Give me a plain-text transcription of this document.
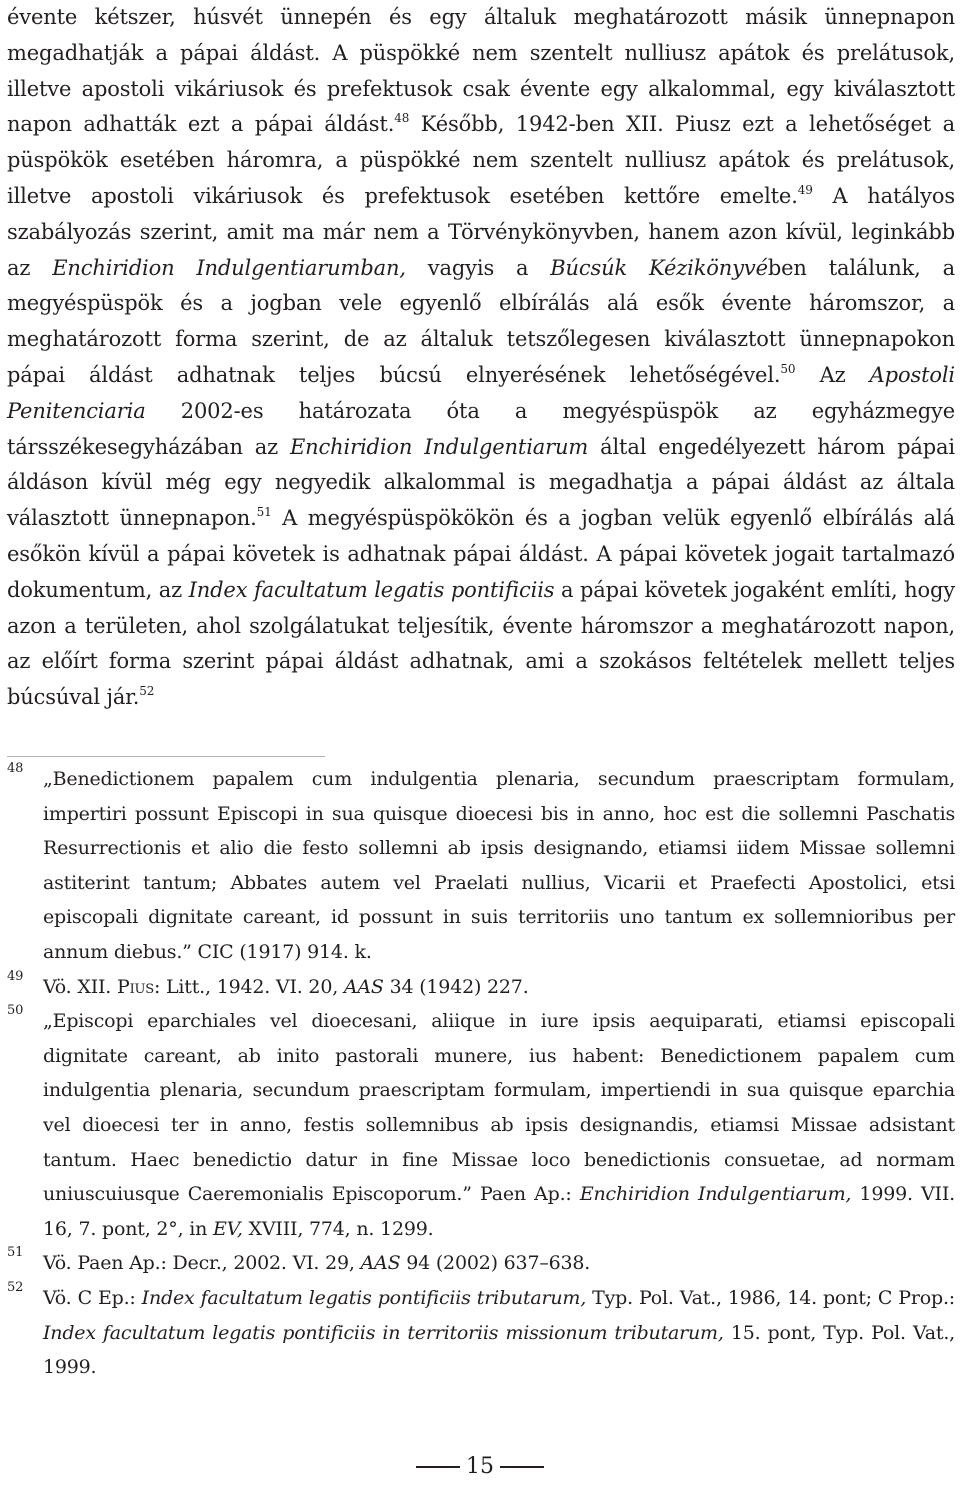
évente kétszer, húsvét ünnepén és egy általuk meghatározott másik ünnepnapon megadhatják a pápai áldást. A püspökké nem szentelt nulliusz apátok és prelátusok, illetve apostoli vikáriusok és prefektusok csak évente egy alkalommal, egy kiválasztott napon adhatták ezt a pápai áldást.$^{48}$ Később, 1942-ben XII. Piusz ezt a lehetőséget a püspökök esetében háromra, a püspökké nem szentelt nulliusz apátok és prelátusok, illetve apostoli vikáriusok és prefektusok esetében kettőre emelte.$^{49}$ A hatályos szabályozás szerint, amit ma már nem a Törvénykönyvben, hanem azon kívül, leginkább az Enchiridion Indulgentiarumban, vagyis a Búcsúk Kézikönyvében találunk, a megyéspüspök és a jogban vele egyenlő elbírálás alá esők évente háromszor, a meghatározott forma szerint, de az általuk tetszőlegesen kiválasztott ünnepnapokon pápai áldást adhatnak teljes búcsú elnyerésének lehetőségével.$^{50}$ Az Apostoli Penitenciaria 2002-es határozata óta a megyéspüspök az egyházmegye társszékesegyházában az Enchiridion Indulgentiarum által engedélyezett három pápai áldáson kívül még egy negyedik alkalommal is megadhatja a pápai áldást az általa választott ünnepnapon.$^{51}$ A megyéspüspökökön és a jogban velük egyenlő elbírálás alá esőkön kívül a pápai követek is adhatnak pápai áldást. A pápai követek jogait tartalmazó dokumentum, az Index facultatum legatis pontificiis a pápai követek jogaként említi, hogy azon a területen, ahol szolgálatukat teljesítik, évente háromszor a meghatározott napon, az előírt forma szerint pápai áldást adhatnak, ami a szokásos feltételek mellett teljes búcsúval jár.$^{52}$

48 „Benedictionem papalem cum indulgentia plenaria, secundum praescriptam formulam, impertiri possunt Episcopi in sua quisque dioecesi bis in anno, hoc est die sollemni Paschatis Resurrectionis et alio die festo sollemni ab ipsis designando, etiamsi iidem Missae sollemni astiterint tantum; Abbates autem vel Praelati nullius, Vicarii et Praefecti Apostolici, etsi episcopali dignitate careant, id possunt in suis territoriis uno tantum ex sollemnioribus per annum diebus.” CIC (1917) 914. k.
49 Vö. XII. Pius: Litt., 1942. VI. 20, AAS 34 (1942) 227.
50 „Episcopi eparchiales vel dioecesani, aliique in iure ipsis aequiparati, etiamsi episcopali dignitate careant, ab inito pastorali munere, ius habent: Benedictionem papalem cum indulgentia plenaria, secundum praescriptam formulam, impertiendi in sua quisque eparchia vel dioecesi ter in anno, festis sollemnibus ab ipsis designandis, etiamsi Missae adsistant tantum. Haec benedictio datur in fine Missae loco benedictionis consuetae, ad normam uniuscuiusque Caeremonialis Episcoporum.” Paen Ap.: Enchiridion Indulgentiarum, 1999. VII. 16, 7. pont, 2°, in EV, XVIII, 774, n. 1299.
51 Vö. Paen Ap.: Decr., 2002. VI. 29, AAS 94 (2002) 637–638.
52 Vö. C Ep.: Index facultatum legatis pontificiis tributarum, Typ. Pol. Vat., 1986, 14. pont; C Prop.: Index facultatum legatis pontificiis in territoriis missionum tributarum, 15. pont, Typ. Pol. Vat., 1999.
15
